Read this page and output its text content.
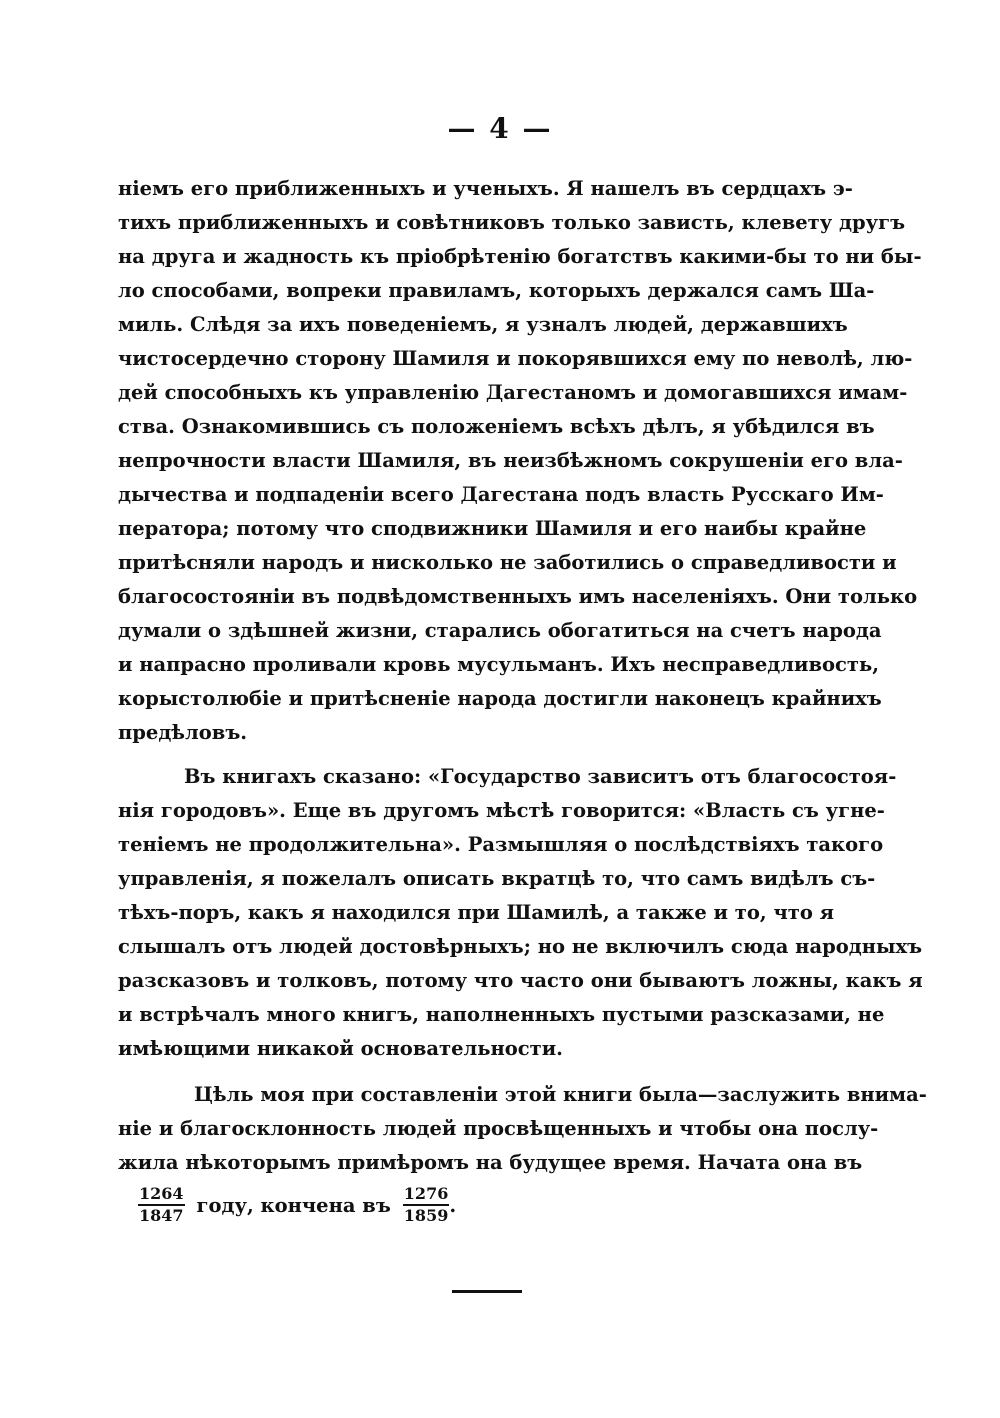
— 4 —
ніемъ его приближенныхъ и ученыхъ. Я нашелъ въ сердцахъ э-
тихъ приближенныхъ и совѣтниковъ только зависть, клевету другъ
на друга и жадность къ пріобрѣтенію богатствъ какими-бы то ни бы-
ло способами, вопреки правиламъ, которыхъ держался самъ Ша-
миль. Слѣдя за ихъ поведеніемъ, я узналъ людей, державшихъ
чистосердечно сторону Шамиля и покорявшихся ему по неволѣ, лю-
дей способныхъ къ управленію Дагестаномъ и домогавшихся имам-
ства. Ознакомившись съ положеніемъ всѣхъ дѣлъ, я убѣдился въ
непрочности власти Шамиля, въ неизбѣжномъ сокрушеніи его вла-
дычества и подпаденіи всего Дагестана подъ власть Русскаго Им-
ператора; потому что сподвижники Шамиля и его наибы крайне
притѣсняли народъ и нисколько не заботились о справедливости и
благосостояніи въ подвѣдомственныхъ имъ населеніяхъ. Они только
думали о здѣшней жизни, старались обогатиться на счетъ народа
и напрасно проливали кровь мусульманъ. Ихъ несправедливость,
корыстолюбіе и притѣсненіе народа достигли наконецъ крайнихъ
предѣловъ.
Въ книгахъ сказано: «Государство зависитъ отъ благосостоя-
нія городовъ». Еще въ другомъ мѣстѣ говорится: «Власть съ угне-
теніемъ не продолжительна». Размышляя о послѣдствіяхъ такого
управленія, я пожелалъ описать вкратцѣ то, что самъ видѣлъ съ-
тѣхъ-поръ, какъ я находился при Шамилѣ, а также и то, что я
слышалъ отъ людей достовѣрныхъ; но не включилъ сюда народныхъ
разсказовъ и толковъ, потому что часто они бываютъ ложны, какъ я
и встрѣчалъ много книгъ, наполненныхъ пустыми разсказами, не
имѣющими никакой основательности.
Цѣль моя при составленіи этой книги была—заслужить внима-
ніе и благосклонность людей просвѣщенныхъ и чтобы она послу-
жила нѣкоторымъ примѣромъ на будущее время. Начата она въ
$\frac{1264}{1847}$ году, кончена въ $\frac{1276}{1859}$ .
